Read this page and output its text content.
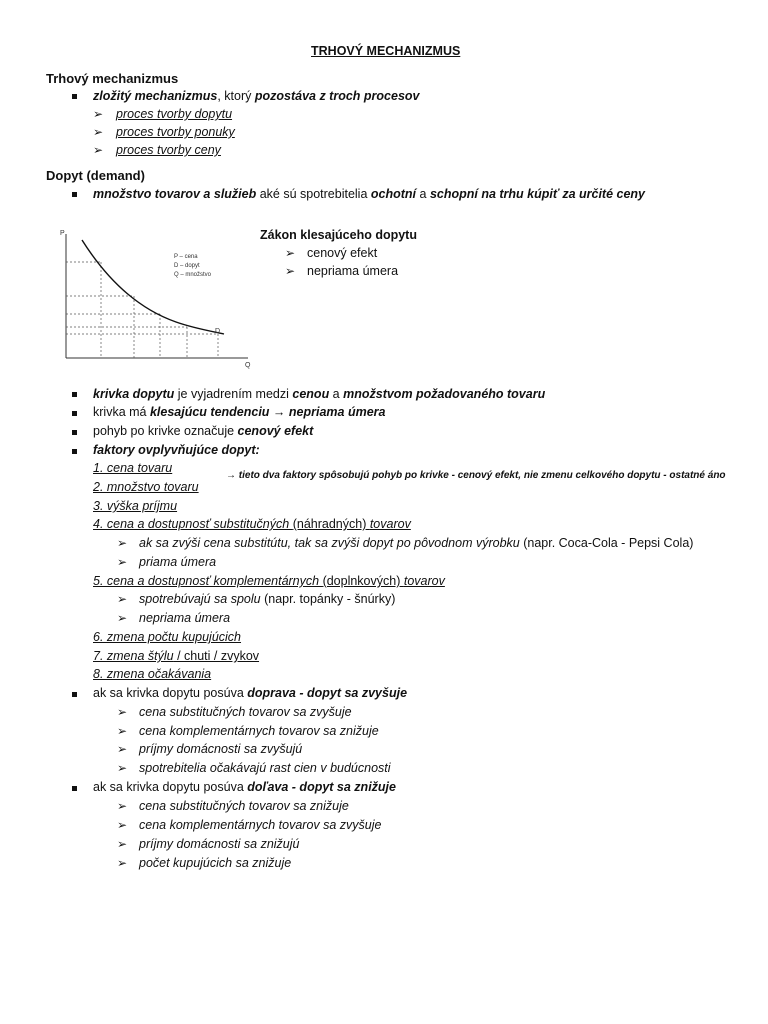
TRHOVÝ MECHANIZMUS
Trhový mechanizmus
zložitý mechanizmus, ktorý pozostáva z troch procesov
➢ proces tvorby dopytu
➢ proces tvorby ponuky
➢ proces tvorby ceny
Dopyt (demand)
množstvo tovarov a služieb aké sú spotrebitelia ochotní a schopní na trhu kúpiť za určité ceny
P
Q
D
P – cena
D – dopyt
Q – množstvo
Zákon klesajúceho dopytu
➢ cenový efekt
➢ nepriama úmera
krivka dopytu je vyjadrením medzi cenou a množstvom požadovaného tovaru
krivka má klesajúcu tendenciu → nepriama úmera
pohyb po krivke označuje cenový efekt
faktory ovplyvňujúce dopyt:
1. cena tovaru
2. množstvo tovaru
→ tieto dva faktory spôsobujú pohyb po krivke - cenový efekt, nie zmenu celkového dopytu - ostatné áno
3. výška príjmu
4. cena a dostupnosť substitučných (náhradných) tovarov
➢ ak sa zvýši cena substitútu, tak sa zvýši dopyt po pôvodnom výrobku (napr. Coca-Cola - Pepsi Cola)
➢ priama úmera
5. cena a dostupnosť komplementárnych (doplnkových) tovarov
➢ spotrebúvajú sa spolu (napr. topánky - šnúrky)
➢ nepriama úmera
6. zmena počtu kupujúcich
7. zmena štýlu / chuti / zvykov
8. zmena očakávania
ak sa krivka dopytu posúva doprava - dopyt sa zvyšuje
➢ cena substitučných tovarov sa zvyšuje
➢ cena komplementárnych tovarov sa znižuje
➢ príjmy domácnosti sa zvyšujú
➢ spotrebitelia očakávajú rast cien v budúcnosti
ak sa krivka dopytu posúva doľava - dopyt sa znižuje
➢ cena substitučných tovarov sa znižuje
➢ cena komplementárnych tovarov sa zvyšuje
➢ príjmy domácnosti sa znižujú
➢ počet kupujúcich sa znižuje
